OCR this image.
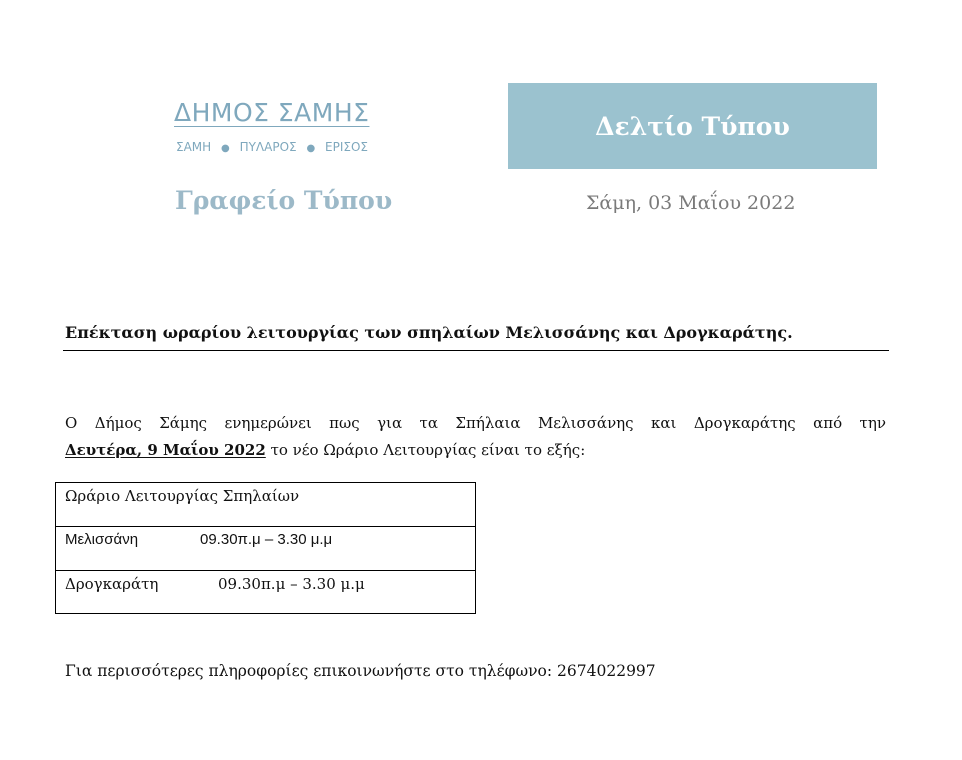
ΔΗΜΟΣ ΣΑΜΗΣ
ΣΑΜΗ ● ΠΥΛΑΡΟΣ ● ΕΡΙΣΟΣ
Γραφείο Τύπου
Δελτίο Τύπου
Σάμη, 03 Μαΐου 2022
Επέκταση ωραρίου λειτουργίας των σπηλαίων Μελισσάνης και Δρογκαράτης.
Ο Δήμος Σάμης ενημερώνει πως για τα Σπήλαια Μελισσάνης και Δρογκαράτης από την
Δευτέρα, 9 Μαΐου 2022 το νέο Ωράριο Λειτουργίας είναι το εξής:
Ωράριο Λειτουργίας Σπηλαίων
Μελισσάνη	09.30π.μ – 3.30 μ.μ
Δρογκαράτη	09.30π.μ – 3.30 μ.μ
Για περισσότερες πληροφορίες επικοινωνήστε στο τηλέφωνο: 2674022997
